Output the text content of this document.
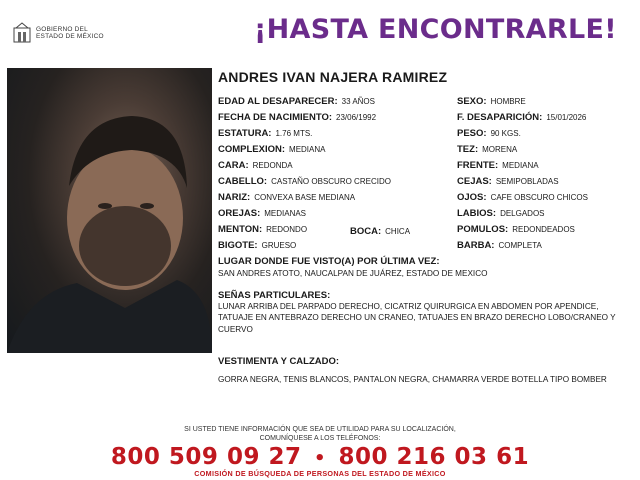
GOBIERNO DEL
ESTADO DE MÉXICO	¡HASTA ENCONTRARLE!
ANDRES IVAN NAJERA RAMIREZ
EDAD AL DESAPARECER: 33 AÑOS
FECHA DE NACIMIENTO: 23/06/1992
ESTATURA: 1.76 MTS.
COMPLEXION: MEDIANA
CARA: REDONDA
CABELLO: CASTAÑO OBSCURO CRECIDO
NARIZ: CONVEXA BASE MEDIANA
OREJAS: MEDIANAS
MENTON: REDONDO	BOCA: CHICA
BIGOTE: GRUESO
SEXO: HOMBRE
F. DESAPARICIÓN: 15/01/2026
PESO: 90 KGS.
TEZ: MORENA
FRENTE: MEDIANA
CEJAS: SEMIPOBLADAS
OJOS: CAFE OBSCURO CHICOS
LABIOS: DELGADOS
POMULOS: REDONDEADOS
BARBA: COMPLETA
LUGAR DONDE FUE VISTO(A) POR ÚLTIMA VEZ:
SAN ANDRES ATOTO, NAUCALPAN DE JUÁREZ, ESTADO DE MEXICO
SEÑAS PARTICULARES:
LUNAR ARRIBA DEL PARPADO DERECHO, CICATRIZ QUIRURGICA EN ABDOMEN POR APENDICE, TATUAJE EN ANTEBRAZO DERECHO UN CRANEO, TATUAJES EN BRAZO DERECHO LOBO/CRANEO Y CUERVO
VESTIMENTA Y CALZADO:
GORRA NEGRA, TENIS BLANCOS, PANTALON NEGRA, CHAMARRA VERDE BOTELLA TIPO BOMBER
SI USTED TIENE INFORMACIÓN QUE SEA DE UTILIDAD PARA SU LOCALIZACIÓN,
COMUNÍQUESE A LOS TELÉFONOS:
800 509 09 27 • 800 216 03 61
COMISIÓN DE BÚSQUEDA DE PERSONAS DEL ESTADO DE MÉXICO
